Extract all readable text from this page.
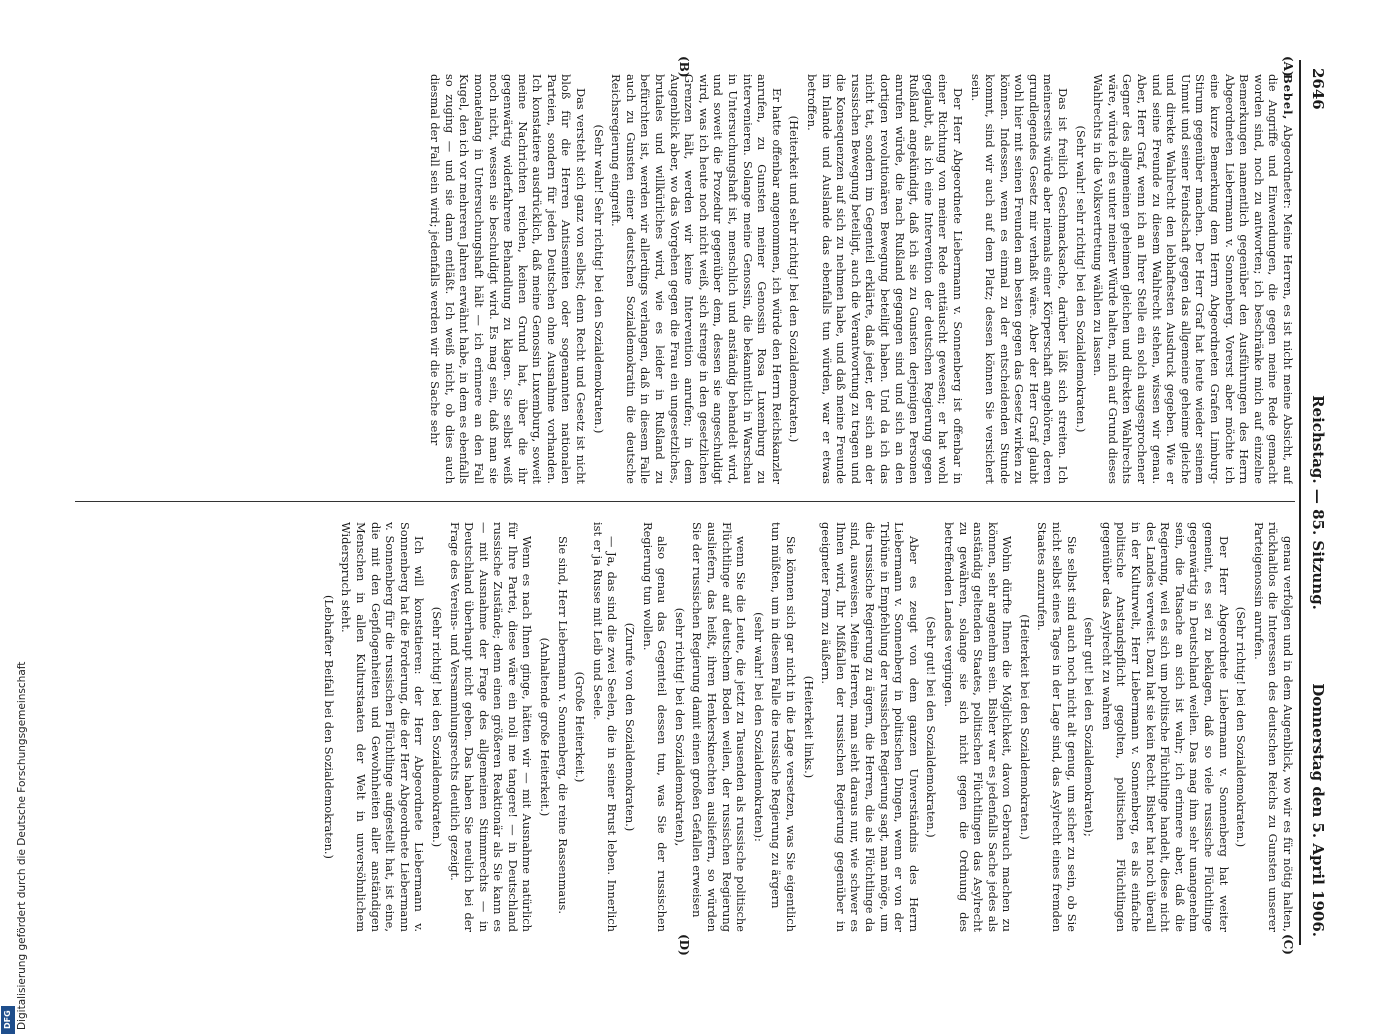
Digitalisierung gefördert durch die Deutsche Forschungsgemeinschaft
DFG
2646
Reichstag. — 85. Sitzung.
Donnerstag den 5. April 1906.
(A)
(B)
(C)
(D)

Bebel, Abgeordneter: Meine Herren, es ist nicht meine Absicht, auf die Angriffe und Einwendungen, die gegen meine Rede gemacht worden sind, noch zu antworten; ich beschränke mich auf einzelne Bemerkungen namentlich gegenüber den Ausführungen des Herrn Abgeordneten Liebermann v. Sonnenberg. Vorerst aber möchte ich eine kurze Bemerkung dem Herrn Abgeordneten Grafen Limburg-Stirum gegenüber machen. Der Herr Graf hat heute wieder seinem Unmut und seiner Feindschaft gegen das allgemeine geheime gleiche und direkte Wahlrecht den lebhaftesten Ausdruck gegeben. Wie er und seine Freunde zu diesem Wahlrecht stehen, wissen wir genau. Aber, Herr Graf, wenn ich an Ihrer Stelle ein solch ausgesprochener Gegner des allgemeinen geheimen gleichen und direkten Wahlrechts wäre, würde ich es unter meiner Würde halten, mich auf Grund dieses Wahlrechts in die Volksvertretung wählen zu lassen.

(Sehr wahr! sehr richtig! bei den Sozialdemokraten.)

Das ist freilich Geschmacksache, darüber läßt sich streiten. Ich meinerseits würde aber niemals einer Körperschaft angehören, deren grundlegendes Gesetz mir verhaßt wäre. Aber der Herr Graf glaubt wohl hier mit seinen Freunden am besten gegen das Gesetz wirken zu können. Indessen, wenn es einmal zu der entscheidenden Stunde kommt, sind wir auch auf dem Platz; dessen können Sie versichert sein.

Der Herr Abgeordnete Liebermann v. Sonnenberg ist offenbar in einer Richtung von meiner Rede enttäuscht gewesen; er hat wohl geglaubt, als ich eine Intervention der deutschen Regierung gegen Rußland angekündigt, daß ich sie zu Gunsten derjenigen Personen anrufen würde, die nach Rußland gegangen sind und sich an den dortigen revolutionären Bewegung beteiligt haben. Und da ich das nicht tat, sondern im Gegenteil erklärte, daß jeder, der sich an der russischen Bewegung beteiligt, auch die Verantwortung zu tragen und die Konsequenzen auf sich zu nehmen habe, und daß meine Freunde im Inlande und Auslande das ebenfalls tun würden, war er etwas betroffen.

(Heiterkeit und sehr richtig! bei den Sozialdemokraten.)

Er hatte offenbar angenommen, ich würde den Herrn Reichskanzler anrufen, zu Gunsten meiner Genossin Rosa Luxemburg zu intervenieren. Solange meine Genossin, die bekanntlich in Warschau in Untersuchungshaft ist, menschlich und anständig behandelt wird, und soweit die Prozedur gegenüber dem, dessen sie angeschuldigt wird, was ich heute noch nicht weiß, sich strenge in den gesetzlichen Grenzen hält, werden wir keine Intervention anrufen; in dem Augenblick aber, wo das Vorgehen gegen die Frau ein ungesetzliches, brutales und willkürliches wird, wie es leider in Rußland zu befürchten ist, werden wir allerdings verlangen, daß in diesem Falle auch zu Gunsten einer deutschen Sozialdemokratin die deutsche Reichsregierung eingreift.

(Sehr wahr! Sehr richtig! bei den Sozialdemokraten.)

Das versteht sich ganz von selbst; denn Recht und Gesetz ist nicht bloß für die Herren Antisemiten oder sogenannten nationalen Parteien, sondern für jeden Deutschen ohne Ausnahme vorhanden. Ich konstatiere ausdrücklich, daß meine Genossin Luxemburg, soweit meine Nachrichten reichen, keinen Grund hat, über die ihr gegenwärtig widerfahrene Behandlung zu klagen. Sie selbst weiß noch nicht, wessen sie beschuldigt wird. Es mag sein, daß man sie monatelang in Untersuchungshaft hält — ich erinnere an den Fall Kugel, den ich vor mehreren Jahren erwähnt habe, in dem es ebenfalls so zuging — und sie dann entläßt. Ich weiß nicht, ob dies auch diesmal der Fall sein wird; jedenfalls werden wir die Sache sehr

genau verfolgen und in dem Augenblick, wo wir es für nötig halten, rückhaltlos die Interessen des deutschen Reichs zu Gunsten unserer Parteigenossin anrufen.

(Sehr richtig! bei den Sozialdemokraten.)

Der Herr Abgeordnete Liebermann v. Sonnenberg hat weiter gemeint, es sei zu beklagen, daß so viele russische Flüchtlinge gegenwärtig in Deutschland weilen. Das mag ihm sehr unangenehm sein, die Tatsache an sich ist wahr; ich erinnere aber, daß die Regierung, weil es sich um politische Flüchtlinge handelt, diese nicht des Landes verweist. Dazu hat sie kein Recht. Bisher hat noch überall in der Kulturwelt, Herr Liebermann v. Sonnenberg, es als einfache politische Anstandspflicht gegolten, politischen Flüchtlingen gegenüber das Asylrecht zu wahren

(sehr gut! bei den Sozialdemokraten);

Sie selbst sind auch noch nicht alt genug, um sicher zu sein, ob Sie nicht selbst eines Tages in der Lage sind, das Asylrecht eines fremden Staates anzurufen.

(Heiterkeit bei den Sozialdemokraten.)

Wohin dürfte Ihnen die Möglichkeit, davon Gebrauch machen zu können, sehr angenehm sein. Bisher war es jedenfalls Sache jedes als anständig geltenden Staates, politischen Flüchtlingen das Asylrecht zu gewähren, solange sie sich nicht gegen die Ordnung des betreffenden Landes vergingen.

(Sehr gut! bei den Sozialdemokraten.)

Aber es zeugt von dem ganzen Unverständnis des Herrn Liebermann v. Sonnenberg in politischen Dingen, wenn er von der Tribüne in Empfehlung der russischen Regierung sagt, man möge, um die russische Regierung zu ärgern, die Herren, die als Flüchtlinge da sind, ausweisen. Meine Herren, man sieht daraus nur, wie schwer es Ihnen wird, Ihr Mißfallen der russischen Regierung gegenüber in geeigneter Form zu äußern.

(Heiterkeit links.)

Sie können sich gar nicht in die Lage versetzen, was Sie eigentlich tun müßten, um in diesem Falle die russische Regierung zu ärgern

(sehr wahr! bei den Sozialdemokraten):

wenn Sie die Leute, die jetzt zu Tausenden als russische politische Flüchtlinge auf deutschem Boden weilen, der russischen Regierung ausliefern, das heißt, ihren Henkersknechten ausliefern, so würden Sie der russischen Regierung damit einen großen Gefallen erweisen

(sehr richtig! bei den Sozialdemokraten),

also genau das Gegenteil dessen tun, was Sie der russischen Regierung tun wollen.

(Zurufe von den Sozialdemokraten.)

— Ja, das sind die zwei Seelen, die in seiner Brust leben. Innerlich ist er ja Russe mit Leib und Seele.

(Große Heiterkeit.)

Sie sind, Herr Liebermann v. Sonnenberg, die reine Rassenmaus.

(Anhaltende große Heiterkeit.)

Wenn es nach Ihnen ginge, hätten wir — mit Ausnahme natürlich für Ihre Partei, diese wäre ein noli me tangere! — in Deutschland russische Zustände; denn einen größeren Reaktionär als Sie kann es — mit Ausnahme der Frage des allgemeinen Stimmrechts — in Deutschland überhaupt nicht geben. Das haben Sie neulich bei der Frage des Vereins- und Versammlungsrechts deutlich gezeigt.

(Sehr richtig! bei den Sozialdemokraten.)

Ich will konstatieren: der Herr Abgeordnete Liebermann v. Sonnenberg hat die Forderung, die der Herr Abgeordnete Liebermann v. Sonnenberg für die russischen Flüchtlinge aufgestellt hat, ist eine, die mit den Gepflogenheiten und Gewohnheiten aller anständigen Menschen in allen Kulturstaaten der Welt in unversöhnlichem Widerspruch steht.

(Lebhafter Beifall bei den Sozialdemokraten.)
